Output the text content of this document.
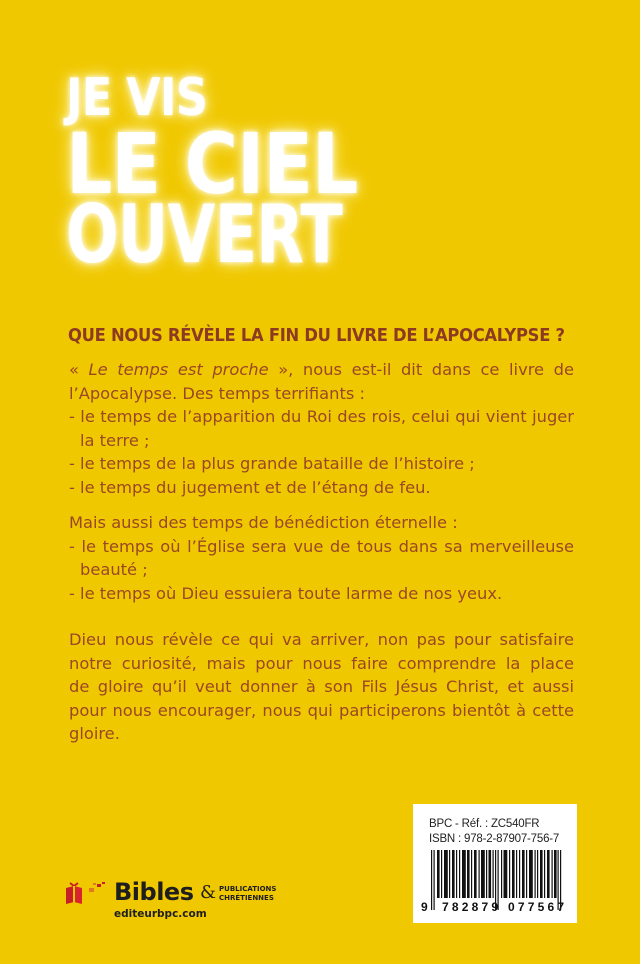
JE VIS
LE CIEL
OUVERT
QUE NOUS RÉVÈLE LA FIN DU LIVRE DE L’APOCALYPSE ?
« Le temps est proche », nous est-il dit dans ce livre de
l’Apocalypse. Des temps terrifiants :
- le temps de l’apparition du Roi des rois, celui qui vient juger
la terre ;
- le temps de la plus grande bataille de l’histoire ;
- le temps du jugement et de l’étang de feu.
Mais aussi des temps de bénédiction éternelle :
- le temps où l’Église sera vue de tous dans sa merveilleuse
beauté ;
- le temps où Dieu essuiera toute larme de nos yeux.
Dieu nous révèle ce qui va arriver, non pas pour satisfaire
notre curiosité, mais pour nous faire comprendre la place
de gloire qu’il veut donner à son Fils Jésus Christ, et aussi
pour nous encourager, nous qui participerons bientôt à cette
gloire.
Bibles & PUBLICATIONS
CHRÉTIENNES
editeurbpc.com
BPC - Réf. : ZC540FR
ISBN : 978-2-87907-756-7
9 782879 077567
